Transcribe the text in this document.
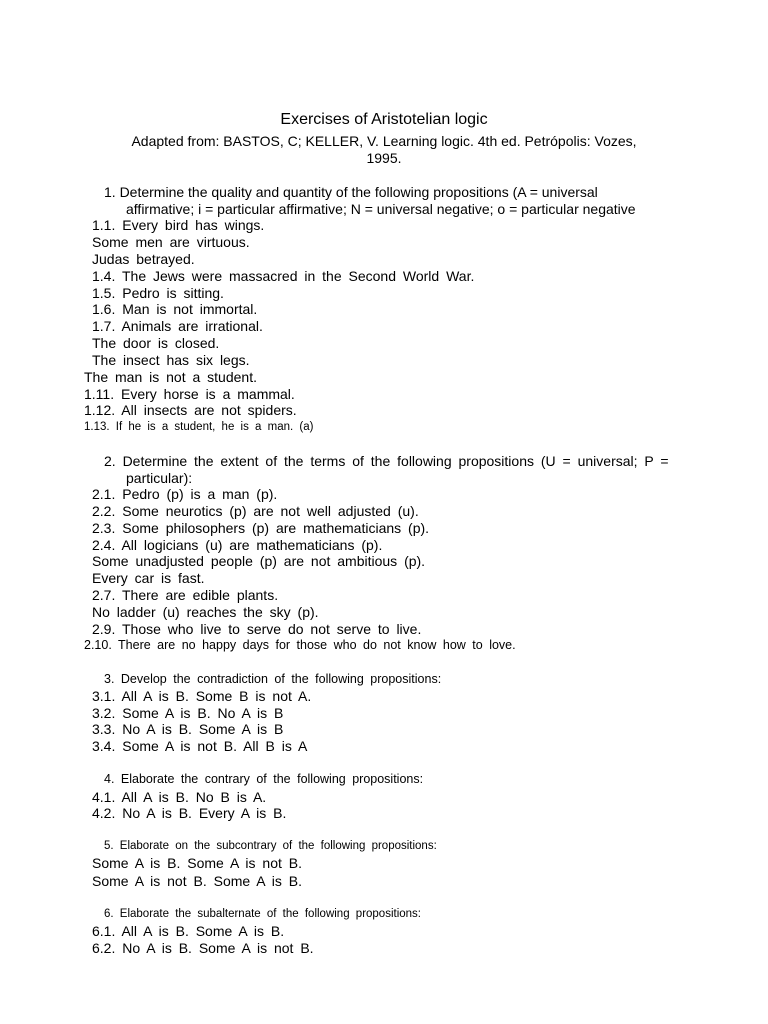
Exercises of Aristotelian logic
Adapted from: BASTOS, C; KELLER, V. Learning logic. 4th ed. Petrópolis: Vozes,
1995.
1. Determine the quality and quantity of the following propositions (A = universal
affirmative; i = particular affirmative; N = universal negative; o = particular negative
1.1. Every bird has wings.
Some men are virtuous.
Judas betrayed.
1.4. The Jews were massacred in the Second World War.
1.5. Pedro is sitting.
1.6. Man is not immortal.
1.7. Animals are irrational.
The door is closed.
The insect has six legs.
The man is not a student.
1.11. Every horse is a mammal.
1.12. All insects are not spiders.
1.13. If he is a student, he is a man. (a)
2. Determine the extent of the terms of the following propositions (U = universal; P =
particular):
2.1. Pedro (p) is a man (p).
2.2. Some neurotics (p) are not well adjusted (u).
2.3. Some philosophers (p) are mathematicians (p).
2.4. All logicians (u) are mathematicians (p).
Some unadjusted people (p) are not ambitious (p).
Every car is fast.
2.7. There are edible plants.
No ladder (u) reaches the sky (p).
2.9. Those who live to serve do not serve to live.
2.10. There are no happy days for those who do not know how to love.
3. Develop the contradiction of the following propositions:
3.1. All A is B. Some B is not A.
3.2. Some A is B. No A is B
3.3. No A is B. Some A is B
3.4. Some A is not B. All B is A
4. Elaborate the contrary of the following propositions:
4.1. All A is B. No B is A.
4.2. No A is B. Every A is B.
5. Elaborate on the subcontrary of the following propositions:
Some A is B. Some A is not B.
Some A is not B. Some A is B.
6. Elaborate the subalternate of the following propositions:
6.1. All A is B. Some A is B.
6.2. No A is B. Some A is not B.
